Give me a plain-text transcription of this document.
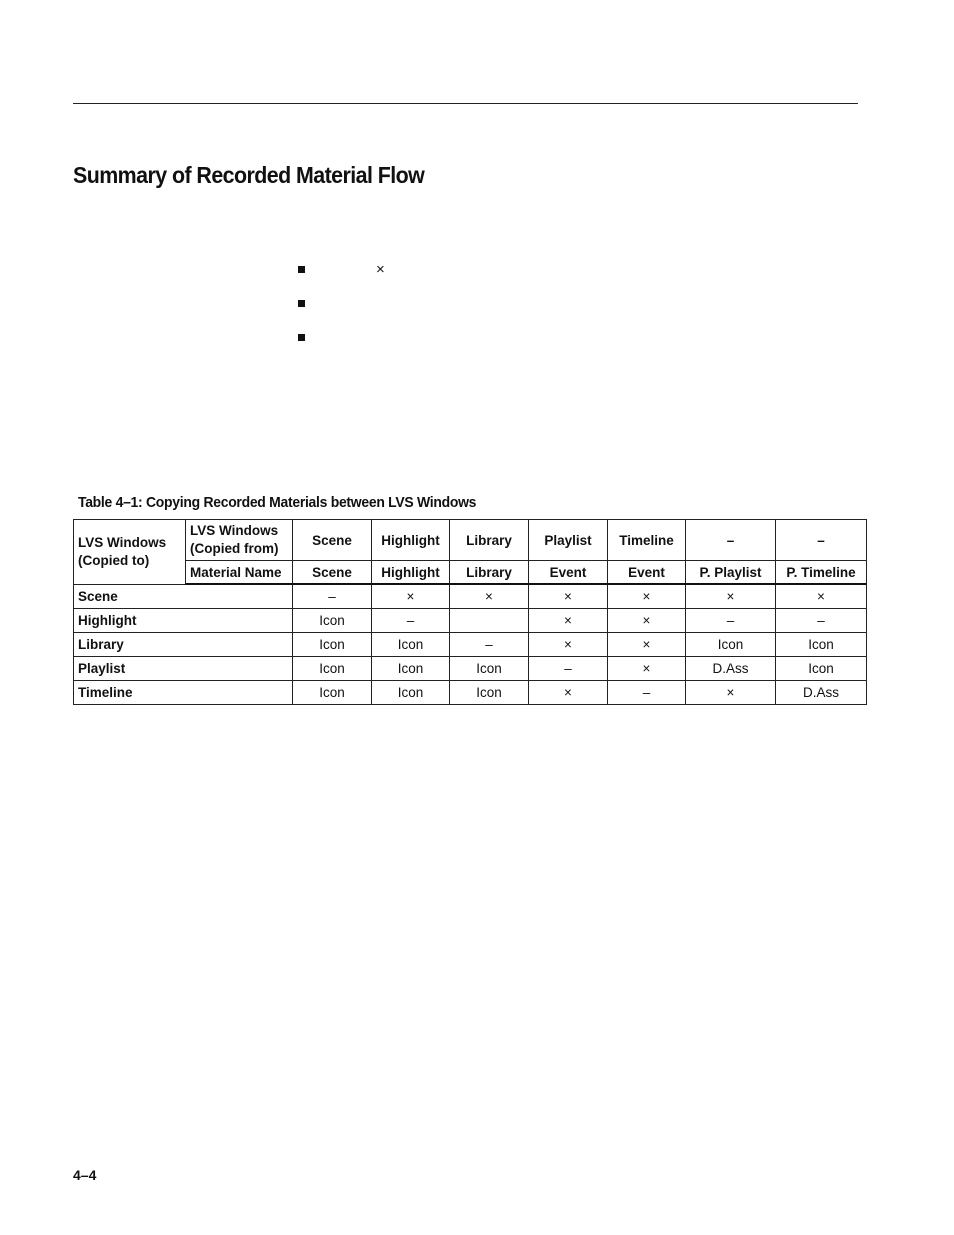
Summary of Recorded Material Flow
×

Table 4–1: Copying Recorded Materials between LVS Windows

LVS Windows (Copied to)	LVS Windows (Copied from)	Scene	Highlight	Library	Playlist	Timeline	–	–
	Material Name	Scene	Highlight	Library	Event	Event	P. Playlist	P. Timeline
Scene		–	×	×	×	×	×	×
Highlight		Icon	–		×	×	–	–
Library		Icon	Icon	–	×	×	Icon	Icon
Playlist		Icon	Icon	Icon	–	×	D.Ass	Icon
Timeline		Icon	Icon	Icon	×	–	×	D.Ass

4–4
